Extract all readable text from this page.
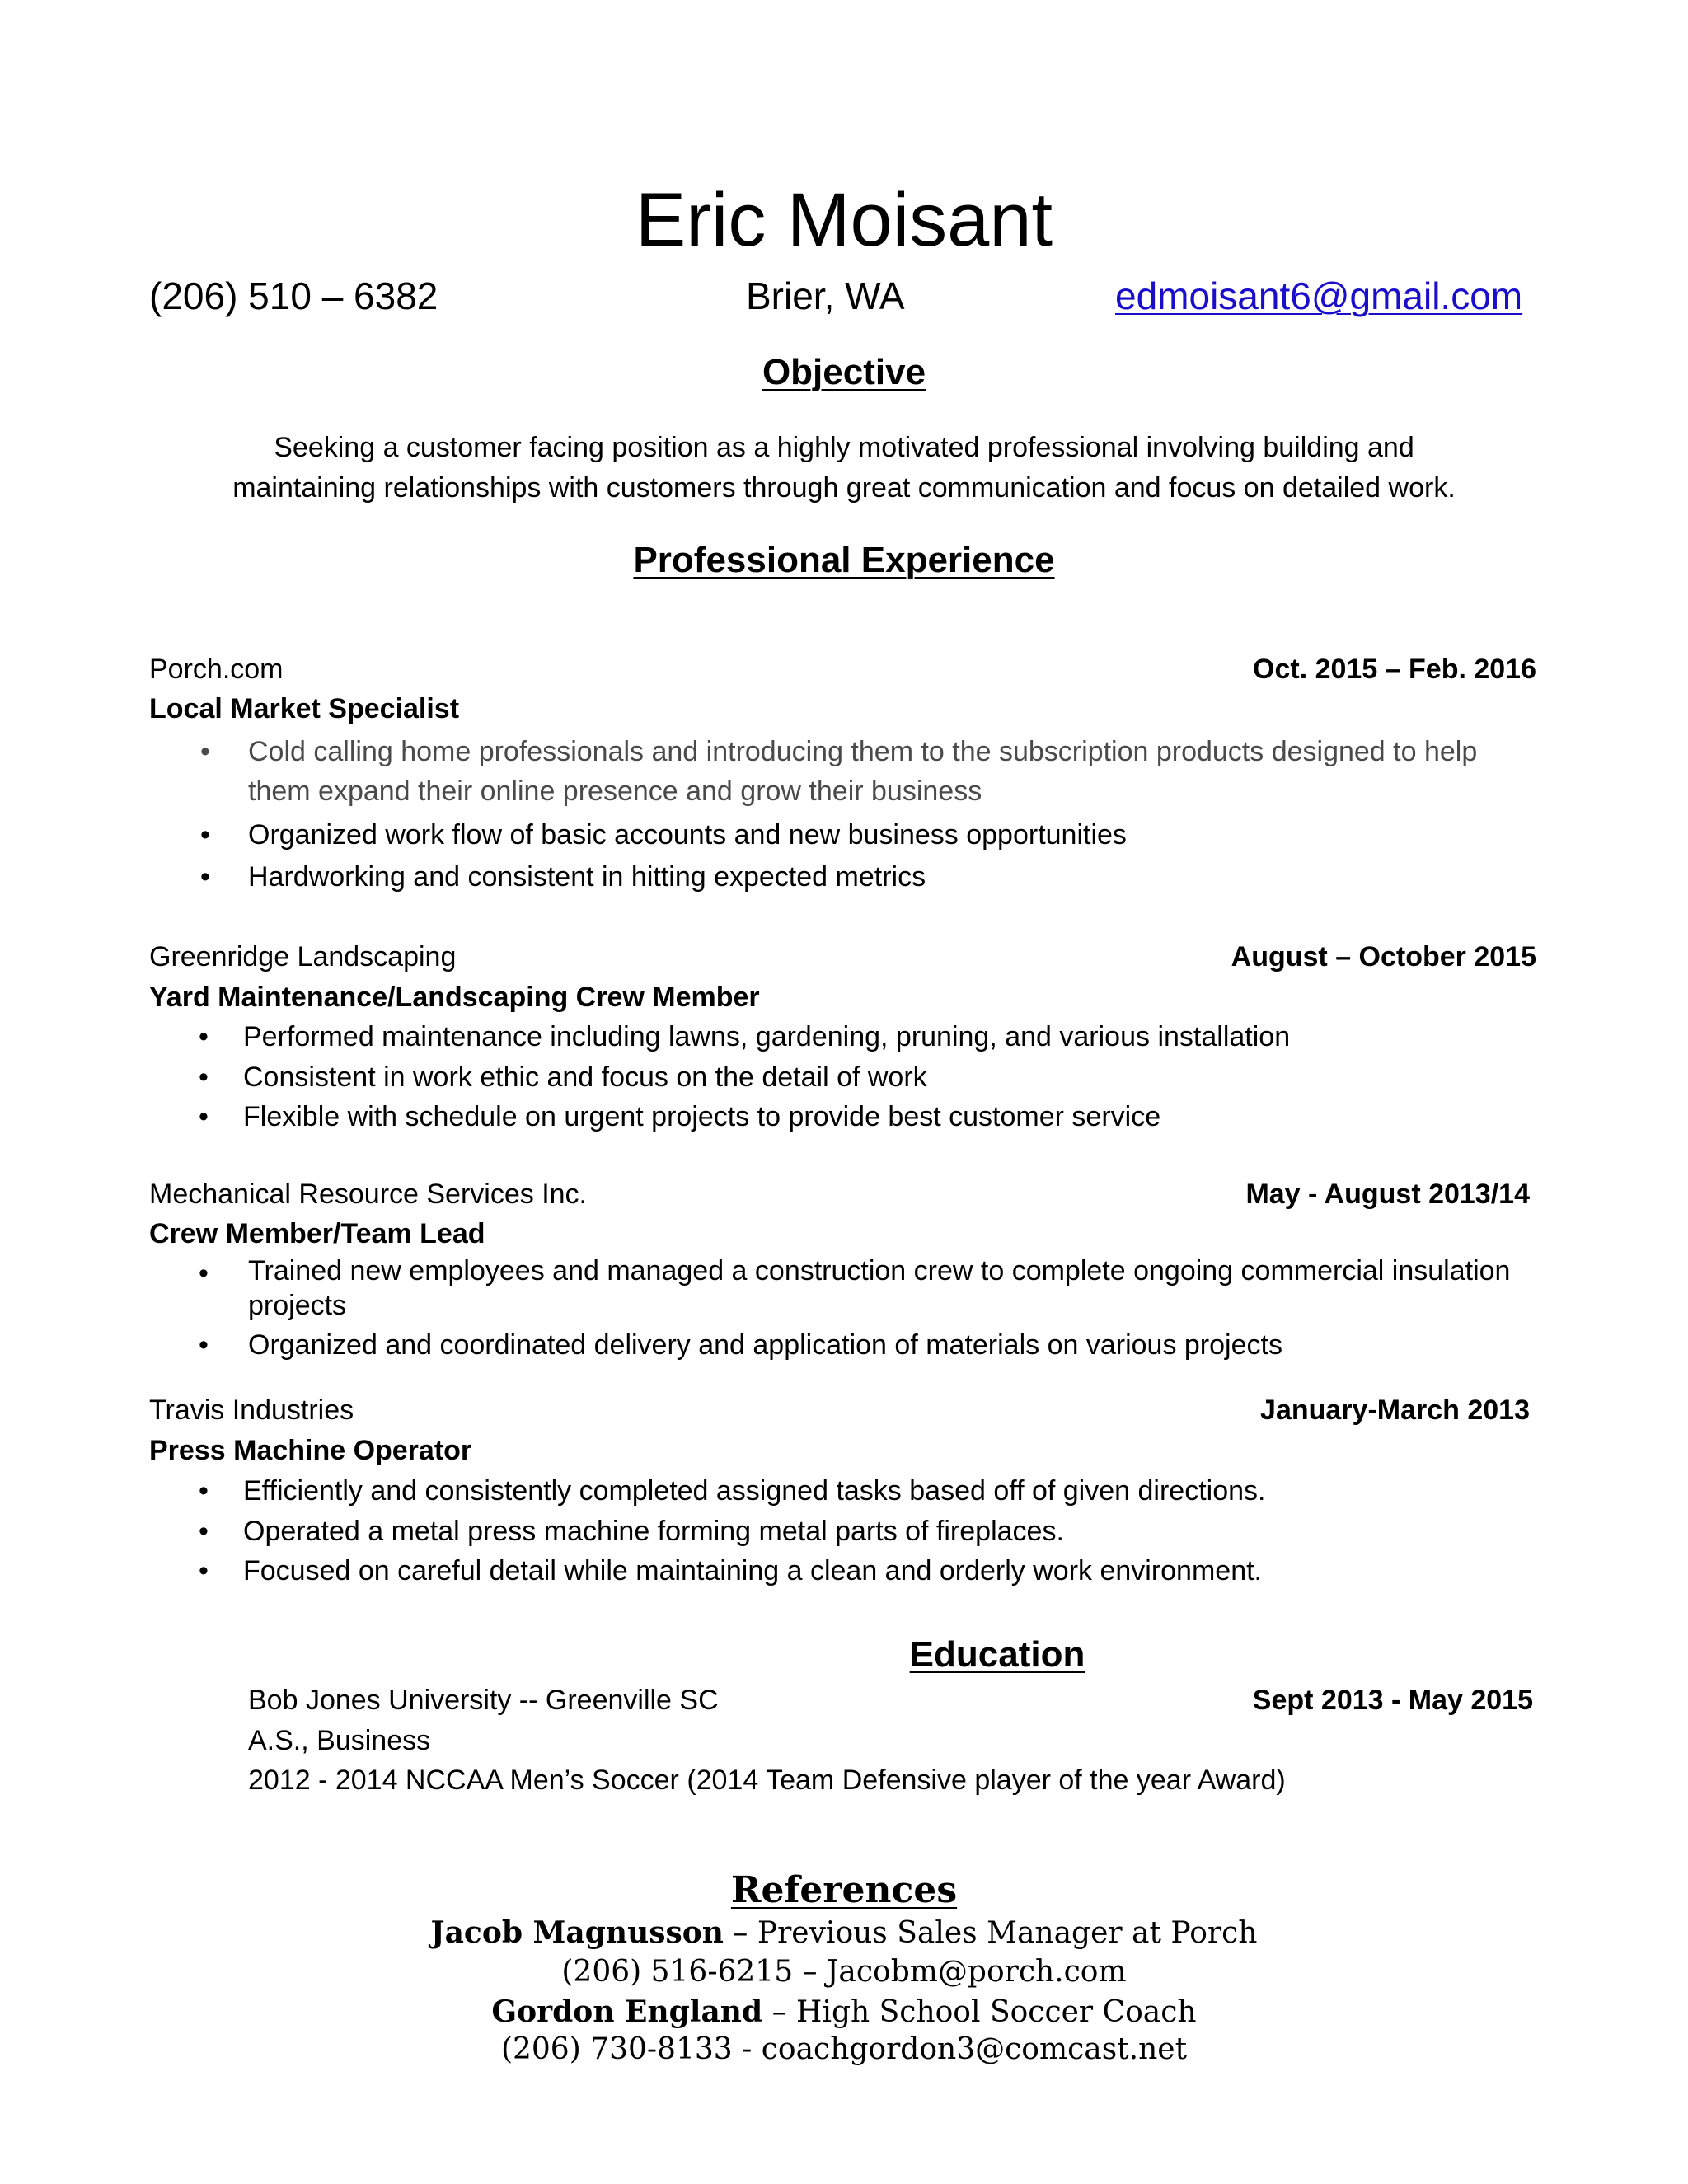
Eric Moisant
(206) 510 – 6382	Brier, WA	edmoisant6@gmail.com
Objective
Seeking a customer facing position as a highly motivated professional involving building and
maintaining relationships with customers through great communication and focus on detailed work.
Professional Experience
Porch.com	Oct. 2015 – Feb. 2016
Local Market Specialist
• Cold calling home professionals and introducing them to the subscription products designed to help them expand their online presence and grow their business
• Organized work flow of basic accounts and new business opportunities
• Hardworking and consistent in hitting expected metrics
Greenridge Landscaping	August – October 2015
Yard Maintenance/Landscaping Crew Member
• Performed maintenance including lawns, gardening, pruning, and various installation
• Consistent in work ethic and focus on the detail of work
• Flexible with schedule on urgent projects to provide best customer service
Mechanical Resource Services Inc.	May - August 2013/14
Crew Member/Team Lead
• Trained new employees and managed a construction crew to complete ongoing commercial insulation projects
• Organized and coordinated delivery and application of materials on various projects
Travis Industries	January-March 2013
Press Machine Operator
• Efficiently and consistently completed assigned tasks based off of given directions.
• Operated a metal press machine forming metal parts of fireplaces.
• Focused on careful detail while maintaining a clean and orderly work environment.
Education
Bob Jones University -- Greenville SC	Sept 2013 - May 2015
A.S., Business
2012 - 2014 NCCAA Men’s Soccer (2014 Team Defensive player of the year Award)
References
Jacob Magnusson – Previous Sales Manager at Porch
(206) 516-6215 – Jacobm@porch.com
Gordon England – High School Soccer Coach
(206) 730-8133 - coachgordon3@comcast.net
